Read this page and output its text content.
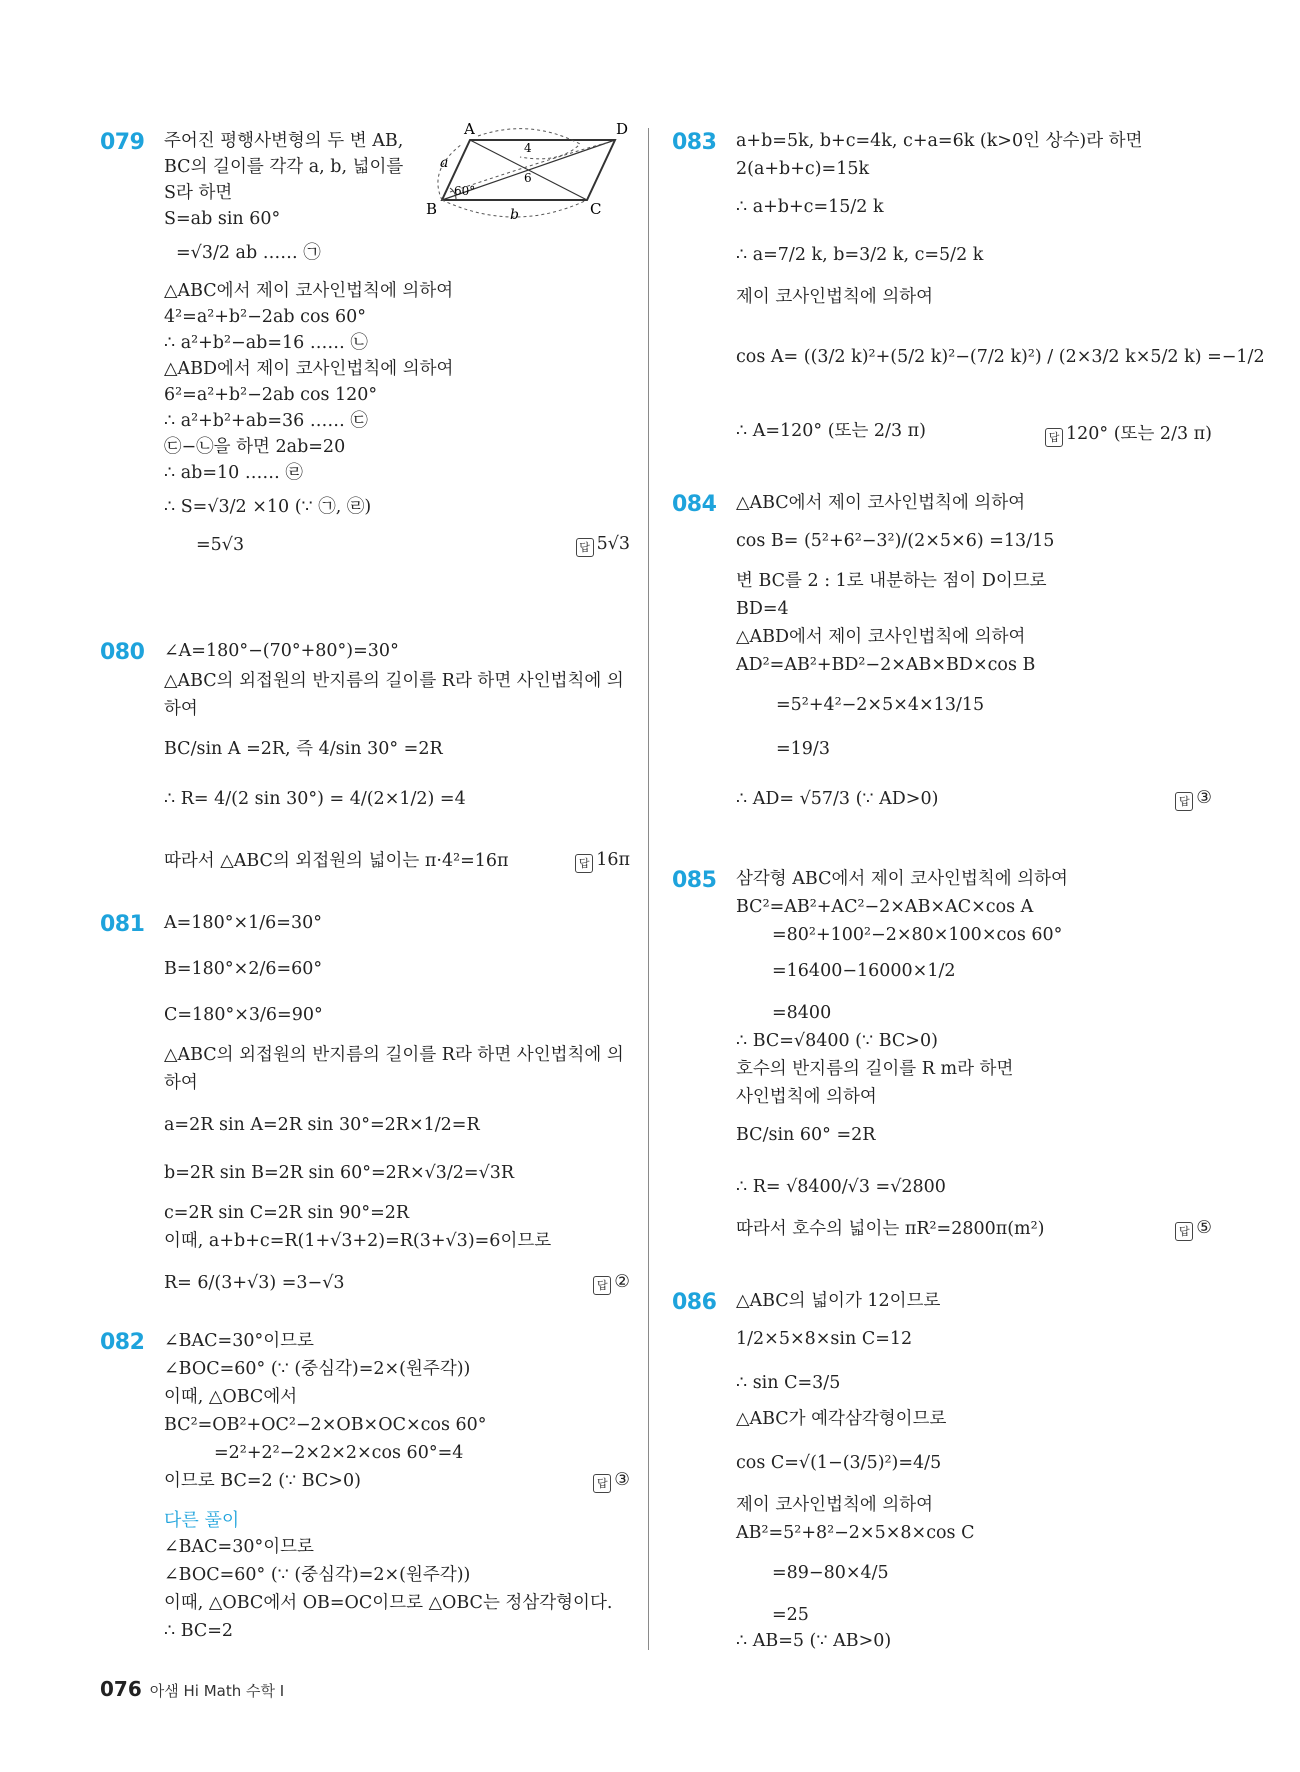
079 주어진 평행사변형의 두 변 AB,
BC의 길이를 각각 a, b, 넓이를
S라 하면
S=ab sin 60°
=√3/2 ab …… ㉠
△ABC에서 제이 코사인법칙에 의하여
4²=a²+b²−2ab cos 60°
∴ a²+b²−ab=16 …… ㉡
△ABD에서 제이 코사인법칙에 의하여
6²=a²+b²−2ab cos 120°
∴ a²+b²+ab=36 …… ㉢
㉢−㉡을 하면 2ab=20
∴ ab=10 …… ㉣
∴ S=√3/2 ×10 (∵ ㉠, ㉣)
=5√3	답 5√3
A	D
B	C
a
b
60°
4
6
080 ∠A=180°−(70°+80°)=30°
△ABC의 외접원의 반지름의 길이를 R라 하면 사인법칙에 의
하여
BC/sin A =2R, 즉 4/sin 30° =2R
∴ R= 4/(2 sin 30°) = 4/(2×1/2) =4
따라서 △ABC의 외접원의 넓이는 π·4²=16π	답 16π
081 A=180°×1/6=30°
B=180°×2/6=60°
C=180°×3/6=90°
△ABC의 외접원의 반지름의 길이를 R라 하면 사인법칙에 의
하여
a=2R sin A=2R sin 30°=2R×1/2=R
b=2R sin B=2R sin 60°=2R×√3/2=√3R
c=2R sin C=2R sin 90°=2R
이때, a+b+c=R(1+√3+2)=R(3+√3)=6이므로
R= 6/(3+√3) =3−√3	답 ②
082 ∠BAC=30°이므로
∠BOC=60° (∵ (중심각)=2×(원주각))
이때, △OBC에서
BC²=OB²+OC²−2×OB×OC×cos 60°
=2²+2²−2×2×2×cos 60°=4
이므로 BC=2 (∵ BC>0)
다른 풀이
∠BAC=30°이므로
∠BOC=60° (∵ (중심각)=2×(원주각))
이때, △OBC에서 OB=OC이므로 △OBC는 정삼각형이다.
∴ BC=2
답 ③
083 a+b=5k, b+c=4k, c+a=6k (k>0인 상수)라 하면
2(a+b+c)=15k
∴ a+b+c=15/2 k
∴ a=7/2 k, b=3/2 k, c=5/2 k
제이 코사인법칙에 의하여
cos A= ((3/2 k)²+(5/2 k)²−(7/2 k)²) / (2×3/2 k×5/2 k) =−1/2
∴ A=120° (또는 2/3 π)	답 120° (또는 2/3 π)
084 △ABC에서 제이 코사인법칙에 의하여
cos B= (5²+6²−3²)/(2×5×6) =13/15
변 BC를 2 : 1로 내분하는 점이 D이므로
BD=4
△ABD에서 제이 코사인법칙에 의하여
AD²=AB²+BD²−2×AB×BD×cos B
=5²+4²−2×5×4×13/15
=19/3
∴ AD= √57/3 (∵ AD>0)	답 ③
085 삼각형 ABC에서 제이 코사인법칙에 의하여
BC²=AB²+AC²−2×AB×AC×cos A
=80²+100²−2×80×100×cos 60°
=16400−16000×1/2
=8400
∴ BC=√8400 (∵ BC>0)
호수의 반지름의 길이를 R m라 하면
사인법칙에 의하여
BC/sin 60° =2R
∴ R= √8400/√3 =√2800
따라서 호수의 넓이는 πR²=2800π(m²)	답 ⑤
086 △ABC의 넓이가 12이므로
1/2×5×8×sin C=12
∴ sin C=3/5
△ABC가 예각삼각형이므로
cos C=√(1−(3/5)²)=4/5
제이 코사인법칙에 의하여
AB²=5²+8²−2×5×8×cos C
=89−80×4/5
=25
∴ AB=5 (∵ AB>0)
076 아샘 Hi Math 수학 I
